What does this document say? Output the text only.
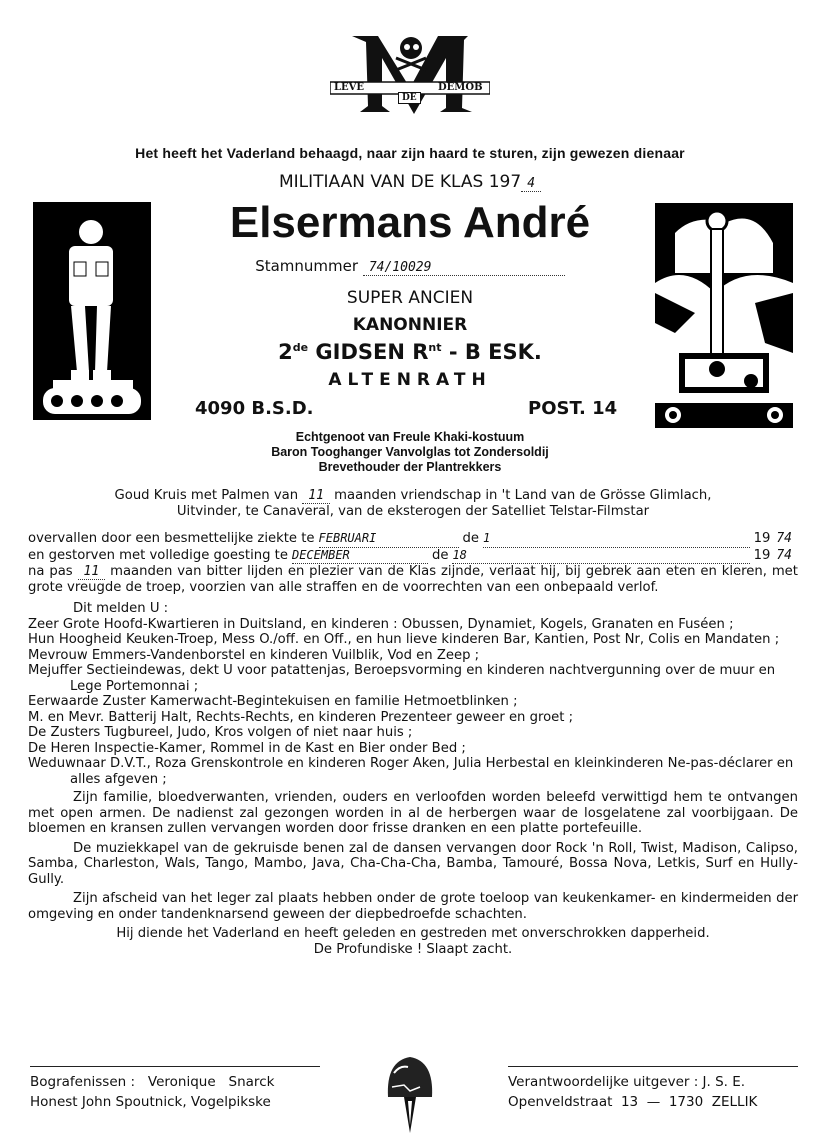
LEVE
DE
DEMOB
Het heeft het Vaderland behaagd, naar zijn haard te sturen, zijn gewezen dienaar
MILITIAAN VAN DE KLAS 197 4
Elsermans André
Stamnummer 74/10029
SUPER ANCIEN
KANONNIER
2de GIDSEN $R^{nt}$ - B ESK.
ALTENRATH
4090 B.S.D.	POST. 14
Echtgenoot van Freule Khaki-kostuum
Baron Tooghanger Vanvolglas tot Zondersoldij
Brevethouder der Plantrekkers

Goud Kruis met Palmen van 11 maanden vriendschap in 't Land van de Grösse Glimlach,
Uitvinder, te Canaveral, van de eksterogen der Satelliet Telstar-Filmstar

overvallen door een besmettelijke ziekte te FEBRUARI	de 1	19 74
en gestorven met volledige goesting te DECEMBER	de 18	19 74

na pas 11 maanden van bitter lijden en plezier van de Klas zijnde, verlaat hij, bij gebrek aan eten en kleren, met grote vreugde de troep, voorzien van alle straffen en de voorrechten van een onbepaald verlof.

Dit melden U :

Zeer Grote Hoofd-Kwartieren in Duitsland, en kinderen : Obussen, Dynamiet, Kogels, Granaten en Fuséen ;

Hun Hoogheid Keuken-Troep, Mess O./off. en Off., en hun lieve kinderen Bar, Kantien, Post Nr, Colis en Mandaten ;

Mevrouw Emmers-Vandenborstel en kinderen Vuilblik, Vod en Zeep ;

Mejuffer Sectieindewas, dekt U voor patattenjas, Beroepsvorming en kinderen nachtvergunning over de muur en Lege Portemonnai ;

Eerwaarde Zuster Kamerwacht-Begintekuisen en familie Hetmoetblinken ;

M. en Mevr. Batterij Halt, Rechts-Rechts, en kinderen Prezenteer geweer en groet ;

De Zusters Tugbureel, Judo, Kros volgen of niet naar huis ;

De Heren Inspectie-Kamer, Rommel in de Kast en Bier onder Bed ;

Weduwnaar D.V.T., Roza Grenskontrole en kinderen Roger Aken, Julia Herbestal en kleinkinderen Ne-pas-déclarer en alles afgeven ;

Zijn familie, bloedverwanten, vrienden, ouders en verloofden worden beleefd verwittigd hem te ontvangen met open armen. De nadienst zal gezongen worden in al de herbergen waar de losgelatene zal voorbijgaan. De bloemen en kransen zullen vervangen worden door frisse dranken en een platte portefeuille.

De muziekkapel van de gekruisde benen zal de dansen vervangen door Rock 'n Roll, Twist, Madison, Calipso, Samba, Charleston, Wals, Tango, Mambo, Java, Cha-Cha-Cha, Bamba, Tamouré, Bossa Nova, Letkis, Surf en Hully-Gully.

Zijn afscheid van het leger zal plaats hebben onder de grote toeloop van keukenkamer- en kindermeiden der omgeving en onder tandenknarsend geween der diepbedroefde schachten.

Hij diende het Vaderland en heeft geleden en gestreden met onverschrokken dapperheid.

De Profundiske ! Slaapt zacht.

Bografenissen :   Veronique   Snarck
Honest John Spoutnick, Vogelpikske
Verantwoordelijke uitgever : J. S. E.
Openveldstraat  13  —  1730  ZELLIK
